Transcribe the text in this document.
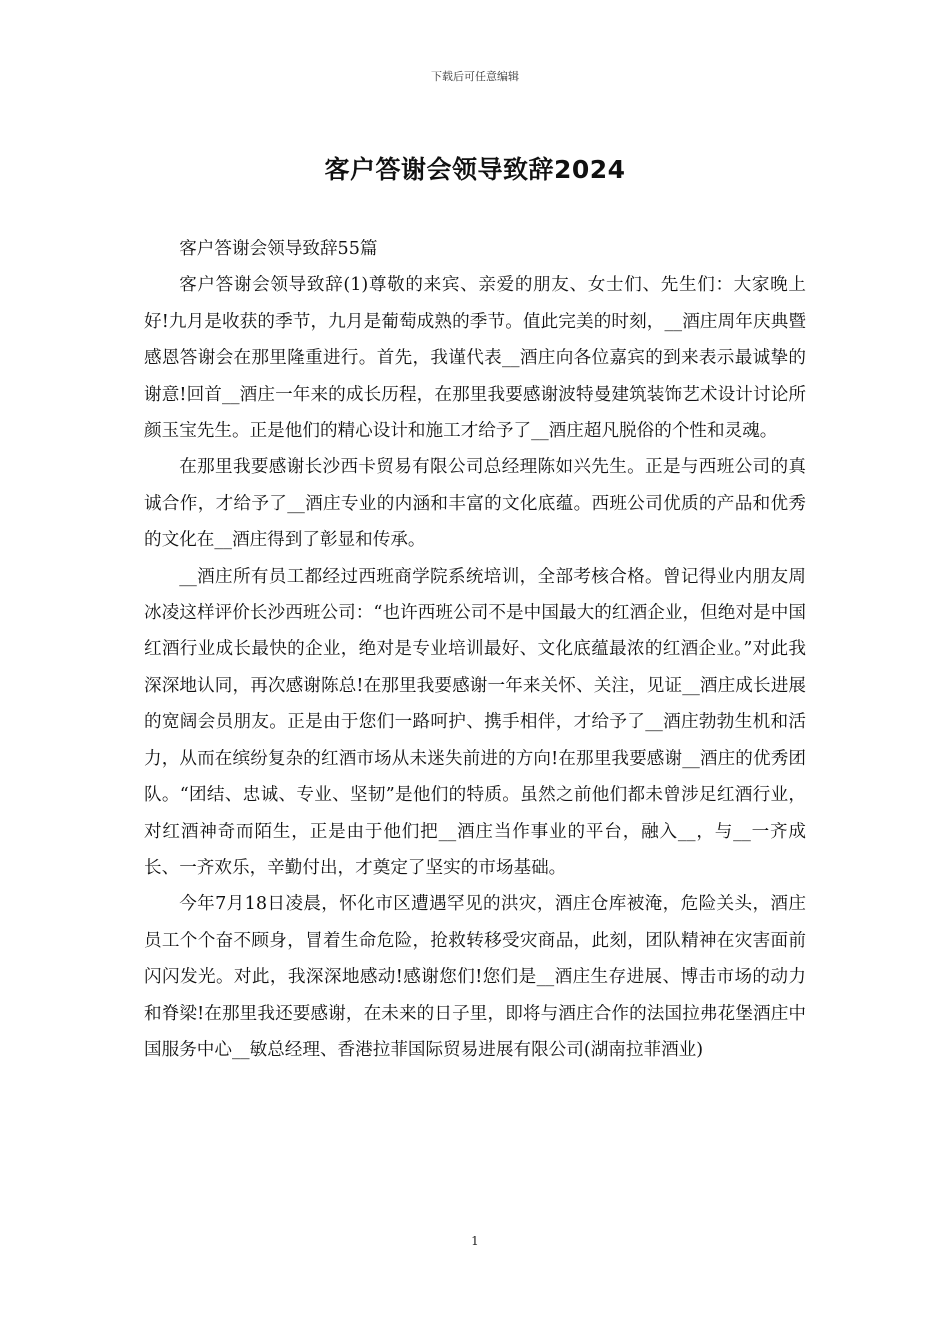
下载后可任意编辑
客户答谢会领导致辞2024

客户答谢会领导致辞55篇

客户答谢会领导致辞(1)尊敬的来宾、亲爱的朋友、女士们、先生们：大家晚上好!九月是收获的季节，九月是葡萄成熟的季节。值此完美的时刻，__酒庄周年庆典暨感恩答谢会在那里隆重进行。首先，我谨代表__酒庄向各位嘉宾的到来表示最诚挚的谢意!回首__酒庄一年来的成长历程，在那里我要感谢波特曼建筑装饰艺术设计讨论所颜玉宝先生。正是他们的精心设计和施工才给予了__酒庄超凡脱俗的个性和灵魂。

在那里我要感谢长沙西卡贸易有限公司总经理陈如兴先生。正是与西班公司的真诚合作，才给予了__酒庄专业的内涵和丰富的文化底蕴。西班公司优质的产品和优秀的文化在__酒庄得到了彰显和传承。

__酒庄所有员工都经过西班商学院系统培训，全部考核合格。曾记得业内朋友周冰凌这样评价长沙西班公司：“也许西班公司不是中国最大的红酒企业，但绝对是中国红酒行业成长最快的企业，绝对是专业培训最好、文化底蕴最浓的红酒企业。”对此我深深地认同，再次感谢陈总!在那里我要感谢一年来关怀、关注，见证__酒庄成长进展的宽阔会员朋友。正是由于您们一路呵护、携手相伴，才给予了__酒庄勃勃生机和活力，从而在缤纷复杂的红酒市场从未迷失前进的方向!在那里我要感谢__酒庄的优秀团队。“团结、忠诚、专业、坚韧”是他们的特质。虽然之前他们都未曾涉足红酒行业，对红酒神奇而陌生，正是由于他们把__酒庄当作事业的平台，融入__，与__一齐成长、一齐欢乐，辛勤付出，才奠定了坚实的市场基础。

今年7月18日凌晨，怀化市区遭遇罕见的洪灾，酒庄仓库被淹，危险关头，酒庄员工个个奋不顾身，冒着生命危险，抢救转移受灾商品，此刻，团队精神在灾害面前闪闪发光。对此，我深深地感动!感谢您们!您们是__酒庄生存进展、博击市场的动力和脊梁!在那里我还要感谢，在未来的日子里，即将与酒庄合作的法国拉弗花堡酒庄中国服务中心__敏总经理、香港拉菲国际贸易进展有限公司(湖南拉菲酒业)

1
